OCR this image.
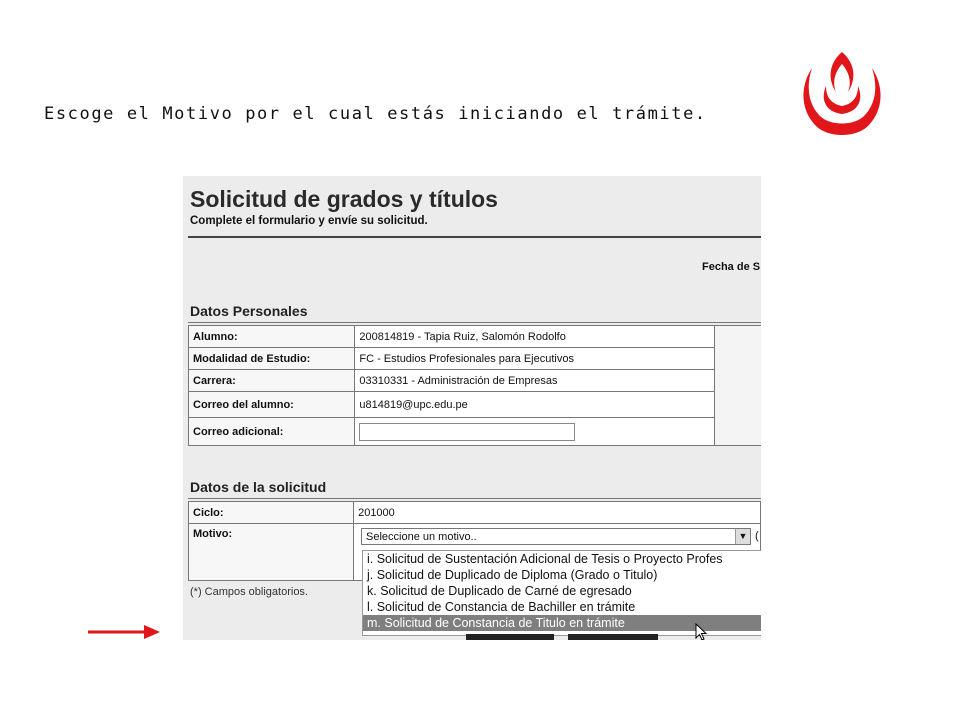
Escoge el Motivo por el cual estás iniciando el trámite.
Solicitud de grados y títulos
Complete el formulario y envíe su solicitud.
Fecha de S
Datos Personales
Alumno:	200814819 - Tapia Ruiz, Salomón Rodolfo	
Modalidad de Estudio:	FC - Estudios Profesionales para Ejecutivos	
Carrera:	03310331 - Administración de Empresas	
Correo del alumno:	u814819@upc.edu.pe	
Correo adicional:		
Datos de la solicitud
Ciclo:	201000
Motivo:		Seleccione un motivo..	▼ (
(*) Campos obligatorios.
i. Solicitud de Sustentación Adicional de Tesis o Proyecto Profes
j. Solicitud de Duplicado de Diploma (Grado o Titulo)
k. Solicitud de Duplicado de Carné de egresado
l. Solicitud de Constancia de Bachiller en trámite
m. Solicitud de Constancia de Titulo en trámite
